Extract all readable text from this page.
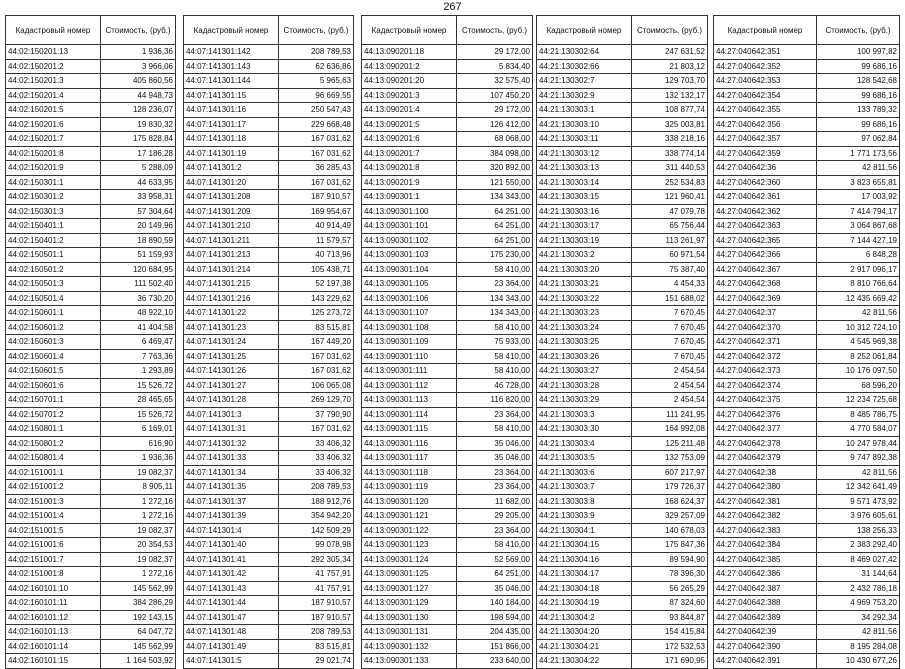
267
Кадастровый номер	Стоимость, (руб.)
44:02:150201:13	1 936,36
44:02:150201:2	3 966,06
44:02:150201:3	405 860,56
44:02:150201:4	44 948,73
44:02:150201:5	128 236,07
44:02:150201:6	19 830,32
44:02:150201:7	175 828,84
44:02:150201:8	17 186,28
44:02:150201:9	5 288,09
44:02:150301:1	44 633,95
44:02:150301:2	33 958,31
44:02:150301:3	57 304,64
44:02:150401:1	20 149,96
44:02:150401:2	18 890,59
44:02:150501:1	51 159,93
44:02:150501:2	120 684,95
44:02:150501:3	111 502,40
44:02:150501:4	36 730,20
44:02:150601:1	48 922,10
44:02:150601:2	41 404,58
44:02:150601:3	6 469,47
44:02:150601:4	7 763,36
44:02:150601:5	1 293,89
44:02:150601:6	15 526,72
44:02:150701:1	28 465,65
44:02:150701:2	15 526,72
44:02:150801:1	6 169,01
44:02:150801:2	616,90
44:02:150801:4	1 936,36
44:02:151001:1	19 082,37
44:02:151001:2	8 905,11
44:02:151001:3	1 272,16
44:02:151001:4	1 272,16
44:02:151001:5	19 082,37
44:02:151001:6	20 354,53
44:02:151001:7	19 082,37
44:02:151001:8	1 272,16
44:02:160101:10	145 562,99
44:02:160101:11	384 286,29
44:02:160101:12	192 143,15
44:02:160101:13	64 047,72
44:02:160101:14	145 562,99
44:02:160101:15	1 164 503,92
Кадастровый номер	Стоимость, (руб.)
44:07:141301:142	208 789,53
44:07:141301:143	62 636,86
44:07:141301:144	5 965,63
44:07:141301:15	96 669,55
44:07:141301:16	250 547,43
44:07:141301:17	229 668,48
44:07:141301:18	167 031,62
44:07:141301:19	167 031,62
44:07:141301:2	36 285,43
44:07:141301:20	167 031,62
44:07:141301:208	187 910,57
44:07:141301:209	169 954,67
44:07:141301:210	40 914,49
44:07:141301:211	11 579,57
44:07:141301:213	40 713,96
44:07:141301:214	105 438,71
44:07:141301:215	52 197,38
44:07:141301:216	143 229,62
44:07:141301:22	125 273,72
44:07:141301:23	83 515,81
44:07:141301:24	167 449,20
44:07:141301:25	167 031,62
44:07:141301:26	167 031,62
44:07:141301:27	106 065,08
44:07:141301:28	269 129,70
44:07:141301:3	37 790,90
44:07:141301:31	167 031,62
44:07:141301:32	33 406,32
44:07:141301:33	33 406,32
44:07:141301:34	33 406,32
44:07:141301:35	208 789,53
44:07:141301:37	188 912,76
44:07:141301:39	354 942,20
44:07:141301:4	142 509,29
44:07:141301:40	99 078,98
44:07:141301:41	292 305,34
44:07:141301:42	41 757,91
44:07:141301:43	41 757,91
44:07:141301:44	187 910,57
44:07:141301:47	187 910,57
44:07:141301:48	208 789,53
44:07:141301:49	83 515,81
44:07:141301:5	29 021,74
Кадастровый номер	Стоимость, (руб.)
44:13:090201:18	29 172,00
44:13:090201:2	5 834,40
44:13:090201:20	32 575,40
44:13:090201:3	107 450,20
44:13:090201:4	29 172,00
44:13:090201:5	126 412,00
44:13:090201:6	68 068,00
44:13:090201:7	384 098,00
44:13:090201:8	320 892,00
44:13:090201:9	121 550,00
44:13:090301:1	134 343,00
44:13:090301:100	64 251,00
44:13:090301:101	64 251,00
44:13:090301:102	64 251,00
44:13:090301:103	175 230,00
44:13:090301:104	58 410,00
44:13:090301:105	23 364,00
44:13:090301:106	134 343,00
44:13:090301:107	134 343,00
44:13:090301:108	58 410,00
44:13:090301:109	75 933,00
44:13:090301:110	58 410,00
44:13:090301:111	58 410,00
44:13:090301:112	46 728,00
44:13:090301:113	116 820,00
44:13:090301:114	23 364,00
44:13:090301:115	58 410,00
44:13:090301:116	35 046,00
44:13:090301:117	35 046,00
44:13:090301:118	23 364,00
44:13:090301:119	23 364,00
44:13:090301:120	11 682,00
44:13:090301:121	29 205,00
44:13:090301:122	23 364,00
44:13:090301:123	58 410,00
44:13:090301:124	52 569,00
44:13:090301:125	64 251,00
44:13:090301:127	35 046,00
44:13:090301:129	140 184,00
44:13:090301:130	198 594,00
44:13:090301:131	204 435,00
44:13:090301:132	151 866,00
44:13:090301:133	233 640,00
Кадастровый номер	Стоимость, (руб.)
44:21:130302:64	247 631,52
44:21:130302:66	21 803,12
44:21:130302:7	129 703,70
44:21:130302:9	132 132,17
44:21:130303:1	108 877,74
44:21:130303:10	325 003,81
44:21:130303:11	338 218,16
44:21:130303:12	338 774,14
44:21:130303:13	311 440,53
44:21:130303:14	252 534,83
44:21:130303:15	121 960,41
44:21:130303:16	47 079,78
44:21:130303:17	65 756,44
44:21:130303:19	113 261,97
44:21:130303:2	60 971,54
44:21:130303:20	75 387,40
44:21:130303:21	4 454,33
44:21:130303:22	151 688,02
44:21:130303:23	7 670,45
44:21:130303:24	7 670,45
44:21:130303:25	7 670,45
44:21:130303:26	7 670,45
44:21:130303:27	2 454,54
44:21:130303:28	2 454,54
44:21:130303:29	2 454,54
44:21:130303:3	111 241,95
44:21:130303:30	164 992,08
44:21:130303:4	125 211,48
44:21:130303:5	132 753,09
44:21:130303:6	607 217,97
44:21:130303:7	179 726,37
44:21:130303:8	168 624,37
44:21:130303:9	329 257,09
44:21:130304:1	140 678,03
44:21:130304:15	175 847,36
44:21:130304:16	89 594,90
44:21:130304:17	78 396,30
44:21:130304:18	56 265,29
44:21:130304:19	87 324,60
44:21:130304:2	93 844,87
44:21:130304:20	154 415,84
44:21:130304:21	172 532,53
44:21:130304:22	171 690,95
Кадастровый номер	Стоимость, (руб.)
44:27:040642:351	100 997,82
44:27:040642:352	99 686,16
44:27:040642:353	128 542,68
44:27:040642:354	99 686,16
44:27:040642:355	133 789,32
44:27:040642:356	99 686,16
44:27:040642:357	97 062,84
44:27:040642:359	1 771 173,56
44:27:040642:36	42 811,56
44:27:040642:360	3 823 655,81
44:27:040642:361	17 003,92
44:27:040642:362	7 414 794,17
44:27:040642:363	3 064 867,68
44:27:040642:365	7 144 427,19
44:27:040642:366	6 848,28
44:27:040642:367	2 917 096,17
44:27:040642:368	8 810 766,64
44:27:040642:369	12 435 669,42
44:27:040642:37	42 811,56
44:27:040642:370	10 312 724,10
44:27:040642:371	4 545 969,38
44:27:040642:372	8 252 061,84
44:27:040642:373	10 176 097,50
44:27:040642:374	68 596,20
44:27:040642:375	12 234 725,68
44:27:040642:376	8 485 786,75
44:27:040642:377	4 770 584,07
44:27:040642:378	10 247 978,44
44:27:040642:379	9 747 892,38
44:27:040642:38	42 811,56
44:27:040642:380	12 342 641,49
44:27:040642:381	9 571 473,92
44:27:040642:382	3 976 605,61
44:27:040642:383	138 256,33
44:27:040642:384	2 383 292,40
44:27:040642:385	8 469 027,42
44:27:040642:386	31 144,64
44:27:040642:387	2 432 786,18
44:27:040642:388	4 969 753,20
44:27:040642:389	34 292,34
44:27:040642:39	42 811,56
44:27:040642:390	8 195 284,08
44:27:040642:391	10 430 677,26
